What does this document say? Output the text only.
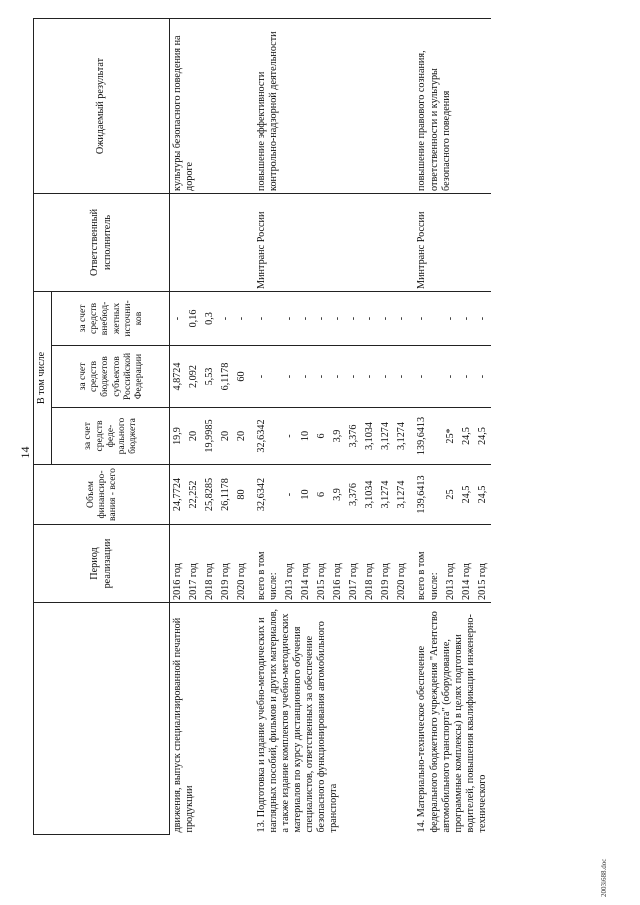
14
	Период реализации	Объем финансиро-вания - всего	В том числе			Ответственный исполнитель	Ожидаемый результат
			за счет средств феде-рального бюджета	за счет средств бюджетов субъектов Российской Федерации	за счет средств внебюд-жетных источни-ков		
движения, выпуск специализированной печатной продукции	2016 год	24,7724	19,9	4,8724	-		культуры безопасного поведения на дороге
	2017 год	22,252	20	2,092	0,16		
	2018 год	25,8285	19,9985	5,53	0,3		
	2019 год	26,1178	20	6,1178	-		
	2020 год	80	20	60	-		
13. Подготовка и издание учебно-методических и наглядных пособий, фильмов и других материалов, а также издание комплектов учебно-методических материалов по курсу дистанционного обучения специалистов, ответственных за обеспечение безопасного функционирования автомобильного транспорта	всего в том числе:	32,6342	32,6342	-	-	Минтранс России	повышение эффективности контрольно-надзорной деятельности
	2013 год	-	-	-	-		
	2014 год	10	10	-	-		
	2015 год	6	6	-	-		
	2016 год	3,9	3,9	-	-		
	2017 год	3,376	3,376	-	-		
	2018 год	3,1034	3,1034	-	-		
	2019 год	3,1274	3,1274	-	-		
	2020 год	3,1274	3,1274	-	-		
14. Материально-техническое обеспечение федерального бюджетного учреждения "Агентство автомобильного транспорта" (оборудование, программные комплексы) в целях подготовки водителей, повышения квалификации инженерно-технического	всего в том числе:	139,6413	139,6413	-	-	Минтранс России	повышение правового сознания, ответственности и культуры безопасного поведения
	2013 год	25	25*	-	-		
	2014 год	24,5	24,5	-	-		
	2015 год	24,5	24,5	-	-		
2003i688.doc
